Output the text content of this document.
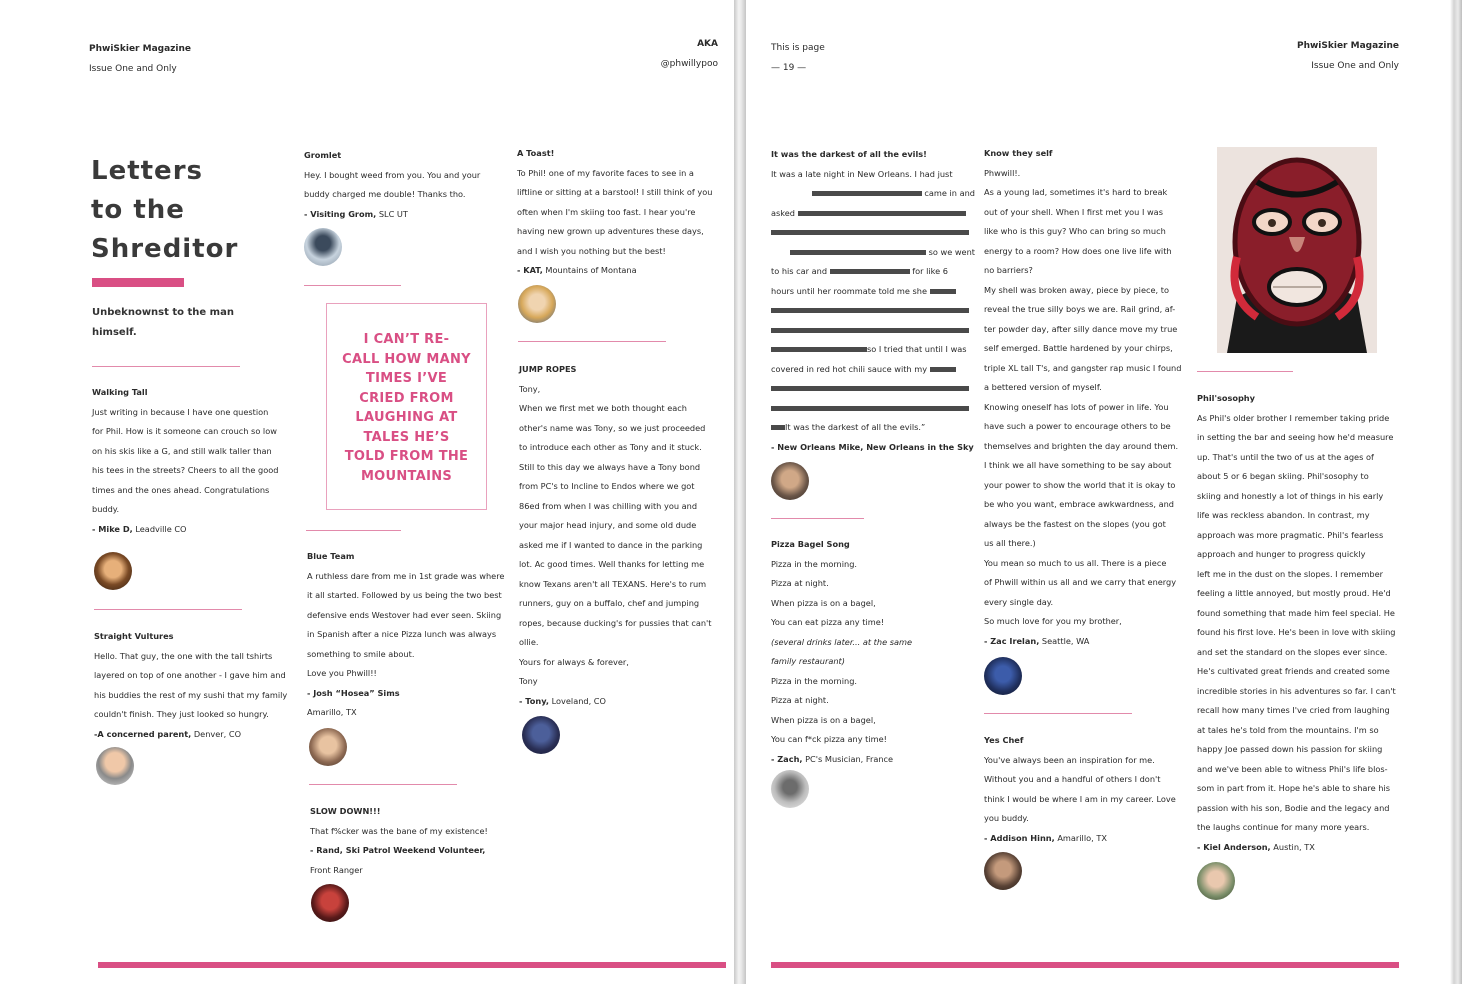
PhwiSkier Magazine
Issue One and Only
AKA
@phwillypoo
Letters
to the
Shreditor
Unbeknownst to the man
himself.

Walking Tall

Just writing in because I have one question

for Phil. How is it someone can crouch so low

on his skis like a G, and still walk taller than

his tees in the streets? Cheers to all the good

times and the ones ahead. Congratulations

buddy.

- Mike D, Leadville CO

Straight Vultures

Hello. That guy, the one with the tall tshirts

layered on top of one another - I gave him and

his buddies the rest of my sushi that my family

couldn't finish. They just looked so hungry.

-A concerned parent, Denver, CO

Gromlet

Hey. I bought weed from you. You and your

buddy charged me double! Thanks tho.

- Visiting Grom, SLC UT

I CAN’T RE-
CALL HOW MANY
TIMES I’VE
CRIED FROM
LAUGHING AT
TALES HE’S
TOLD FROM THE
MOUNTAINS

Blue Team

A ruthless dare from me in 1st grade was where

it all started. Followed by us being the two best

defensive ends Westover had ever seen. Skiing

in Spanish after a nice Pizza lunch was always

something to smile about.

Love you Phwill!!

- Josh “Hosea” Sims

Amarillo, TX

SLOW DOWN!!!

That f%cker was the bane of my existence!

- Rand, Ski Patrol Weekend Volunteer,

Front Ranger

A Toast!

To Phil! one of my favorite faces to see in a

liftline or sitting at a barstool! I still think of you

often when I'm skiing too fast. I hear you're

having new grown up adventures these days,

and I wish you nothing but the best!

- KAT, Mountains of Montana

JUMP ROPES

Tony,

When we first met we both thought each

other's name was Tony, so we just proceeded

to introduce each other as Tony and it stuck.

Still to this day we always have a Tony bond

from PC's to Incline to Endos where we got

86ed from when I was chilling with you and

your major head injury, and some old dude

asked me if I wanted to dance in the parking

lot. Ac good times. Well thanks for letting me

know Texans aren't all TEXANS. Here's to rum

runners, guy on a buffalo, chef and jumping

ropes, because ducking's for pussies that can't

ollie.

Yours for always & forever,

Tony

- Tony, Loveland, CO

This is page
— 19 —
PhwiSkier Magazine
Issue One and Only

It was the darkest of all the evils!

It was a late night in New Orleans. I had just

came in and

asked

so we went

to his car and	for like 6

hours until her roommate told me she

so I tried that until I was

covered in red hot chili sauce with my

It was the darkest of all the evils.”

- New Orleans Mike, New Orleans in the Sky

Pizza Bagel Song

Pizza in the morning.

Pizza at night.

When pizza is on a bagel,

You can eat pizza any time!

(several drinks later... at the same

family restaurant)

Pizza in the morning.

Pizza at night.

When pizza is on a bagel,

You can f*ck pizza any time!

- Zach, PC's Musician, France

Know they self

Phwwill!.

As a young lad, sometimes it's hard to break

out of your shell. When I first met you I was

like who is this guy? Who can bring so much

energy to a room? How does one live life with

no barriers?

My shell was broken away, piece by piece, to

reveal the true silly boys we are. Rail grind, af-

ter powder day, after silly dance move my true

self emerged. Battle hardened by your chirps,

triple XL tall T's, and gangster rap music I found

a bettered version of myself.

Knowing oneself has lots of power in life. You

have such a power to encourage others to be

themselves and brighten the day around them.

I think we all have something to be say about

your power to show the world that it is okay to

be who you want, embrace awkwardness, and

always be the fastest on the slopes (you got

us all there.)

You mean so much to us all. There is a piece

of Phwill within us all and we carry that energy

every single day.

So much love for you my brother,

- Zac Irelan, Seattle, WA

Yes Chef

You've always been an inspiration for me.

Without you and a handful of others I don't

think I would be where I am in my career. Love

you buddy.

- Addison Hinn, Amarillo, TX

Phil'sosophy

As Phil's older brother I remember taking pride

in setting the bar and seeing how he'd measure

up. That's until the two of us at the ages of

about 5 or 6 began skiing. Phil'sosophy to

skiing and honestly a lot of things in his early

life was reckless abandon. In contrast, my

approach was more pragmatic. Phil's fearless

approach and hunger to progress quickly

left me in the dust on the slopes. I remember

feeling a little annoyed, but mostly proud. He'd

found something that made him feel special. He

found his first love. He's been in love with skiing

and set the standard on the slopes ever since.

He's cultivated great friends and created some

incredible stories in his adventures so far. I can't

recall how many times I've cried from laughing

at tales he's told from the mountains. I'm so

happy Joe passed down his passion for skiing

and we've been able to witness Phil's life blos-

som in part from it. Hope he's able to share his

passion with his son, Bodie and the legacy and

the laughs continue for many more years.

- Kiel Anderson, Austin, TX
